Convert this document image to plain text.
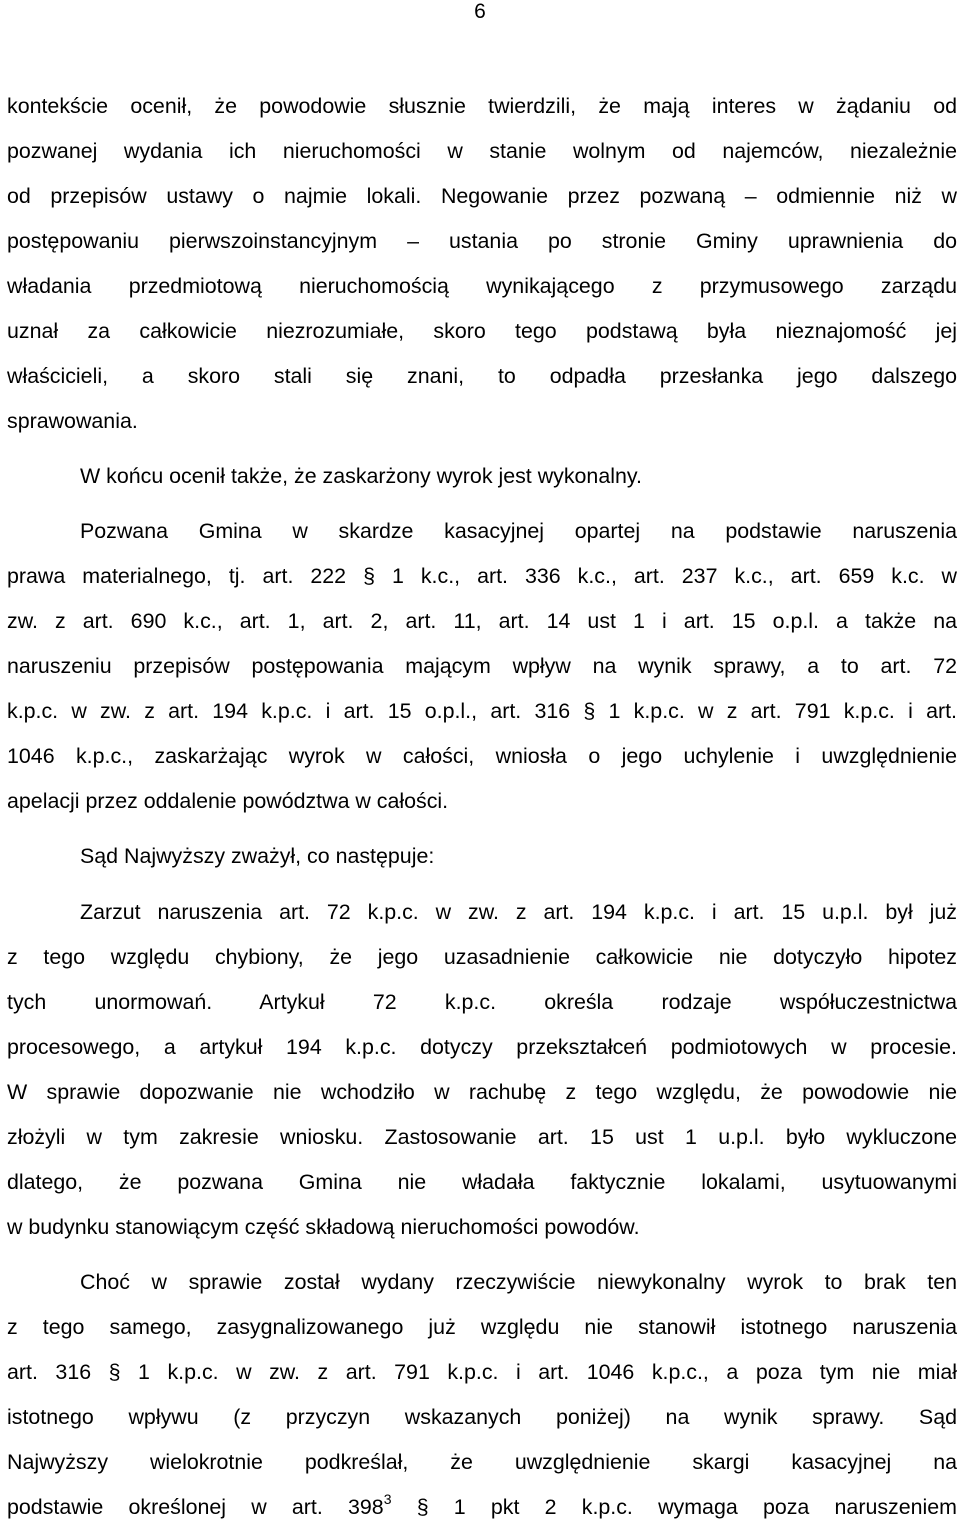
6
kontekście ocenił, że powodowie słusznie twierdzili, że mają interes w żądaniu od
pozwanej wydania ich nieruchomości w stanie wolnym od najemców, niezależnie
od przepisów ustawy o najmie lokali. Negowanie przez pozwaną – odmiennie niż w
postępowaniu pierwszoinstancyjnym – ustania po stronie Gminy uprawnienia do
władania przedmiotową nieruchomością wynikającego z przymusowego zarządu
uznał za całkowicie niezrozumiałe, skoro tego podstawą była nieznajomość jej
właścicieli, a skoro stali się znani, to odpadła przesłanka jego dalszego
sprawowania.
W końcu ocenił także, że zaskarżony wyrok jest wykonalny.
Pozwana Gmina w skardze kasacyjnej opartej na podstawie naruszenia
prawa materialnego, tj. art. 222 § 1 k.c., art. 336 k.c., art. 237 k.c., art. 659 k.c. w
zw. z art. 690 k.c., art. 1, art. 2, art. 11, art. 14 ust 1 i art. 15 o.p.l. a także na
naruszeniu przepisów postępowania mającym wpływ na wynik sprawy, a to art. 72
k.p.c. w zw. z art. 194 k.p.c. i art. 15 o.p.l., art. 316 § 1 k.p.c. w z art. 791 k.p.c. i art.
1046 k.p.c., zaskarżając wyrok w całości, wniosła o jego uchylenie i uwzględnienie
apelacji przez oddalenie powództwa w całości.
Sąd Najwyższy zważył, co następuje:
Zarzut naruszenia art. 72 k.p.c. w zw. z art. 194 k.p.c. i art. 15 u.p.l. był już
z tego względu chybiony, że jego uzasadnienie całkowicie nie dotyczyło hipotez
tych unormowań. Artykuł 72 k.p.c. określa rodzaje współuczestnictwa
procesowego, a artykuł 194 k.p.c. dotyczy przekształceń podmiotowych w procesie.
W sprawie dopozwanie nie wchodziło w rachubę z tego względu, że powodowie nie
złożyli w tym zakresie wniosku. Zastosowanie art. 15 ust 1 u.p.l. było wykluczone
dlatego, że pozwana Gmina nie władała faktycznie lokalami, usytuowanymi
w budynku stanowiącym część składową nieruchomości powodów.
Choć w sprawie został wydany rzeczywiście niewykonalny wyrok to brak ten
z tego samego, zasygnalizowanego już względu nie stanowił istotnego naruszenia
art. 316 § 1 k.p.c. w zw. z art. 791 k.p.c. i art. 1046 k.p.c., a poza tym nie miał
istotnego wpływu (z przyczyn wskazanych poniżej) na wynik sprawy. Sąd
Najwyższy wielokrotnie podkreślał, że uwzględnienie skargi kasacyjnej na
podstawie określonej w art. $398^3$ § 1 pkt 2 k.p.c. wymaga poza naruszeniem
